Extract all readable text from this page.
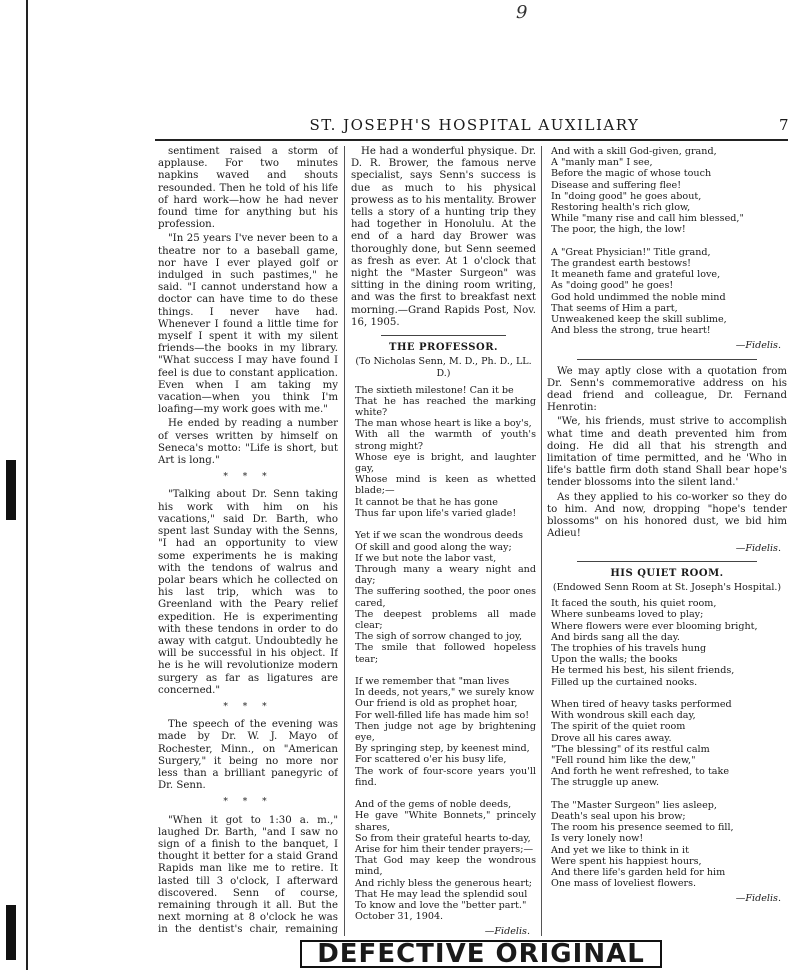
9
ST. JOSEPH'S HOSPITAL AUXILIARY	7

sentiment raised a storm of applause. For two minutes napkins waved and shouts resounded. Then he told of his life of hard work—how he had never found time for anything but his profession.

"In 25 years I've never been to a theatre nor to a baseball game, nor have I ever played golf or indulged in such pastimes," he said. "I cannot understand how a doctor can have time to do these things. I never have had. Whenever I found a little time for myself I spent it with my silent friends—the books in my library. "What success I may have found I feel is due to constant application. Even when I am taking my vacation—when you think I'm loafing—my work goes with me."

He ended by reading a number of verses written by himself on Seneca's motto: "Life is short, but Art is long."

* * *

"Talking about Dr. Senn taking his work with him on his vacations," said Dr. Barth, who spent last Sunday with the Senns, "I had an opportunity to view some experiments he is making with the tendons of walrus and polar bears which he collected on his last trip, which was to Greenland with the Peary relief expedition. He is experimenting with these tendons in order to do away with catgut. Undoubtedly he will be successful in his object. If he is he will revolutionize modern surgery as far as ligatures are concerned."

* * *

The speech of the evening was made by Dr. W. J. Mayo of Rochester, Minn., on "American Surgery," it being no more nor less than a brilliant panegyric of Dr. Senn.

* * *

"When it got to 1:30 a. m.," laughed Dr. Barth, "and I saw no sign of a finish to the banquet, I thought it better for a staid Grand Rapids man like me to retire. It lasted till 3 o'clock, I afterward discovered. Senn of course, remaining through it all. But the next morning at 8 o'clock he was in the dentist's chair, remaining

He had a wonderful physique. Dr. D. R. Brower, the famous nerve specialist, says Senn's success is due as much to his physical prowess as to his mentality. Brower tells a story of a hunting trip they had together in Honolulu. At the end of a hard day Brower was thoroughly done, but Senn seemed as fresh as ever. At 1 o'clock that night the "Master Surgeon" was sitting in the dining room writing, and was the first to breakfast next morning.—Grand Rapids Post, Nov. 16, 1905.

THE PROFESSOR.
(To Nicholas Senn, M. D., Ph. D., LL. D.)
The sixtieth milestone! Can it be
That he has reached the marking white?
The man whose heart is like a boy's,
With all the warmth of youth's strong might?
Whose eye is bright, and laughter gay,
Whose mind is keen as whetted blade;—
It cannot be that he has gone
Thus far upon life's varied glade!

Yet if we scan the wondrous deeds
Of skill and good along the way;
If we but note the labor vast,
Through many a weary night and day;
The suffering soothed, the poor ones cared,
The deepest problems all made clear;
The sigh of sorrow changed to joy,
The smile that followed hopeless tear;

If we remember that "man lives
In deeds, not years," we surely know
Our friend is old as prophet hoar,
For well-filled life has made him so!
Then judge not age by brightening eye,
By springing step, by keenest mind,
For scattered o'er his busy life,
The work of four-score years you'll find.

And of the gems of noble deeds,
He gave "White Bonnets," princely shares,
So from their grateful hearts to-day,
Arise for him their tender prayers;—
That God may keep the wondrous mind,
And richly bless the generous heart;
That He may lead the splendid soul
To know and love the "better part."
October 31, 1904.
—Fidelis.
And with a skill God-given, grand,
A "manly man" I see,
Before the magic of whose touch
Disease and suffering flee!
In "doing good" he goes about,
Restoring health's rich glow,
While "many rise and call him blessed,"
The poor, the high, the low!

A "Great Physician!" Title grand,
The grandest earth bestows!
It meaneth fame and grateful love,
As "doing good" he goes!
God hold undimmed the noble mind
That seems of Him a part,
Unweakened keep the skill sublime,
And bless the strong, true heart!
—Fidelis.

We may aptly close with a quotation from Dr. Senn's commemorative address on his dead friend and colleague, Dr. Fernand Henrotin:

"We, his friends, must strive to accomplish what time and death prevented him from doing. He did all that his strength and limitation of time permitted, and he 'Who in life's battle firm doth stand Shall bear hope's tender blossoms into the silent land.'

As they applied to his co-worker so they do to him. And now, dropping "hope's tender blossoms" on his honored dust, we bid him Adieu!

—Fidelis.
HIS QUIET ROOM.
(Endowed Senn Room at St. Joseph's Hospital.)
It faced the south, his quiet room,
Where sunbeams loved to play;
Where flowers were ever blooming bright,
And birds sang all the day.
The trophies of his travels hung
Upon the walls; the books
He termed his best, his silent friends,
Filled up the curtained nooks.

When tired of heavy tasks performed
With wondrous skill each day,
The spirit of the quiet room
Drove all his cares away.
"The blessing" of its restful calm
"Fell round him like the dew,"
And forth he went refreshed, to take
The struggle up anew.

The "Master Surgeon" lies asleep,
Death's seal upon his brow;
The room his presence seemed to fill,
Is very lonely now!
And yet we like to think in it
Were spent his happiest hours,
And there life's garden held for him
One mass of loveliest flowers.
—Fidelis.
DEFECTIVE ORIGINAL
